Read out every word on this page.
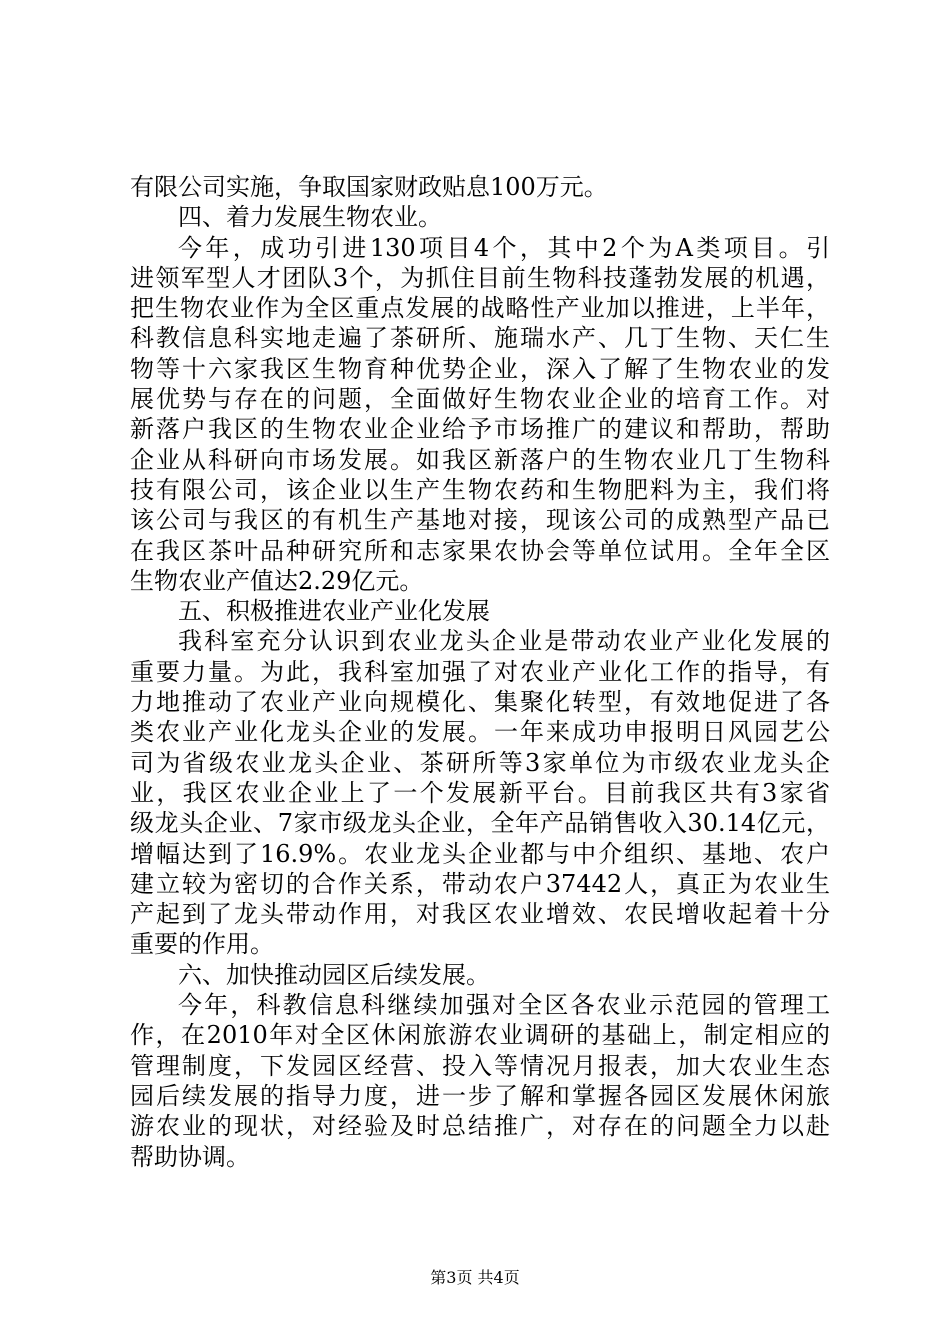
有限公司实施，争取国家财政贴息100万元。
四、着力发展生物农业。
今年，成功引进130项目4个，其中2个为A类项目。引
进领军型人才团队3个，为抓住目前生物科技蓬勃发展的机遇，
把生物农业作为全区重点发展的战略性产业加以推进，上半年，
科教信息科实地走遍了茶研所、施瑞水产、几丁生物、天仁生
物等十六家我区生物育种优势企业，深入了解了生物农业的发
展优势与存在的问题，全面做好生物农业企业的培育工作。对
新落户我区的生物农业企业给予市场推广的建议和帮助，帮助
企业从科研向市场发展。如我区新落户的生物农业几丁生物科
技有限公司，该企业以生产生物农药和生物肥料为主，我们将
该公司与我区的有机生产基地对接，现该公司的成熟型产品已
在我区茶叶品种研究所和志家果农协会等单位试用。全年全区
生物农业产值达2.29亿元。
五、积极推进农业产业化发展
我科室充分认识到农业龙头企业是带动农业产业化发展的
重要力量。为此，我科室加强了对农业产业化工作的指导，有
力地推动了农业产业向规模化、集聚化转型，有效地促进了各
类农业产业化龙头企业的发展。一年来成功申报明日风园艺公
司为省级农业龙头企业、茶研所等3家单位为市级农业龙头企
业，我区农业企业上了一个发展新平台。目前我区共有3家省
级龙头企业、7家市级龙头企业，全年产品销售收入30.14亿元，
增幅达到了16.9%。农业龙头企业都与中介组织、基地、农户
建立较为密切的合作关系，带动农户37442人，真正为农业生
产起到了龙头带动作用，对我区农业增效、农民增收起着十分
重要的作用。
六、加快推动园区后续发展。
今年，科教信息科继续加强对全区各农业示范园的管理工
作，在2010年对全区休闲旅游农业调研的基础上，制定相应的
管理制度，下发园区经营、投入等情况月报表，加大农业生态
园后续发展的指导力度，进一步了解和掌握各园区发展休闲旅
游农业的现状，对经验及时总结推广，对存在的问题全力以赴
帮助协调。
第3页 共4页
